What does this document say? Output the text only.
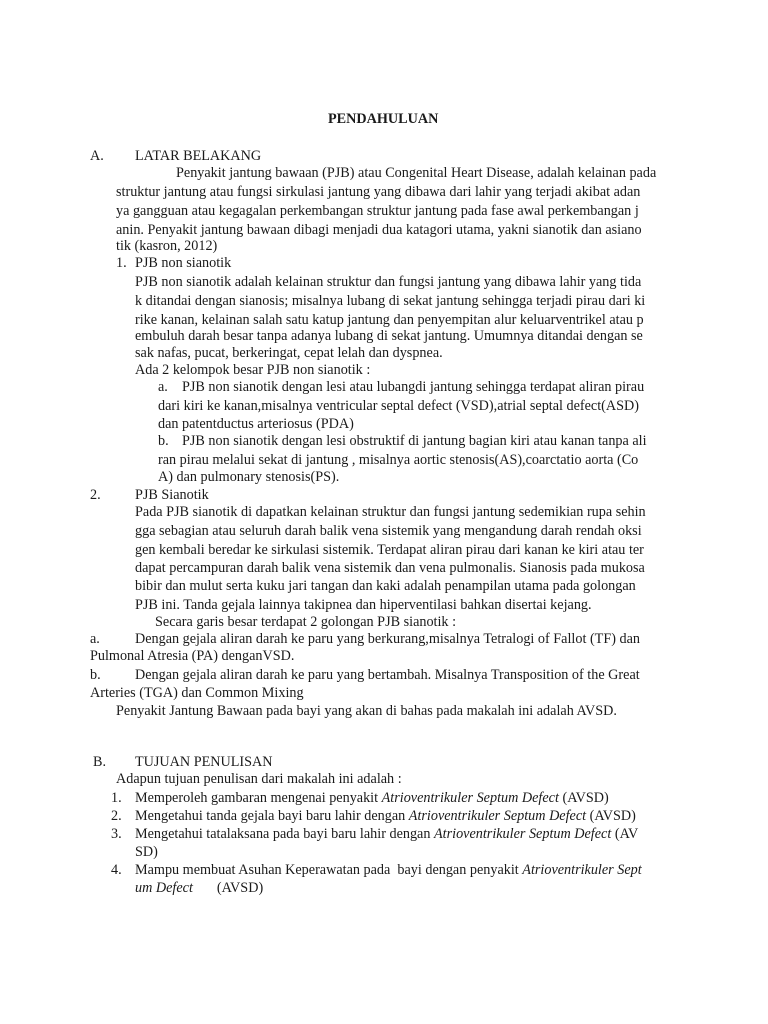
PENDAHULUAN
A. LATAR BELAKANG
Penyakit jantung bawaan (PJB) atau Congenital Heart Disease, adalah kelainan pada
struktur jantung atau fungsi sirkulasi jantung yang dibawa dari lahir yang terjadi akibat adan
ya gangguan atau kegagalan perkembangan struktur jantung pada fase awal perkembangan j
anin. Penyakit jantung bawaan dibagi menjadi dua katagori utama, yakni sianotik dan asiano
tik (kasron, 2012)
1. PJB non sianotik
PJB non sianotik adalah kelainan struktur dan fungsi jantung yang dibawa lahir yang tida
k ditandai dengan sianosis; misalnya lubang di sekat jantung sehingga terjadi pirau dari ki
rike kanan, kelainan salah satu katup jantung dan penyempitan alur keluarventrikel atau p
embuluh darah besar tanpa adanya lubang di sekat jantung. Umumnya ditandai dengan se
sak nafas, pucat, berkeringat, cepat lelah dan dyspnea.
Ada 2 kelompok besar PJB non sianotik :
a. PJB non sianotik dengan lesi atau lubangdi jantung sehingga terdapat aliran pirau
dari kiri ke kanan,misalnya ventricular septal defect (VSD),atrial septal defect(ASD)
dan patentductus arteriosus (PDA)
b. PJB non sianotik dengan lesi obstruktif di jantung bagian kiri atau kanan tanpa ali
ran pirau melalui sekat di jantung , misalnya aortic stenosis(AS),coarctatio aorta (Co
A) dan pulmonary stenosis(PS).
2. PJB Sianotik
Pada PJB sianotik di dapatkan kelainan struktur dan fungsi jantung sedemikian rupa sehin
gga sebagian atau seluruh darah balik vena sistemik yang mengandung darah rendah oksi
gen kembali beredar ke sirkulasi sistemik. Terdapat aliran pirau dari kanan ke kiri atau ter
dapat percampuran darah balik vena sistemik dan vena pulmonalis. Sianosis pada mukosa
bibir dan mulut serta kuku jari tangan dan kaki adalah penampilan utama pada golongan
PJB ini. Tanda gejala lainnya takipnea dan hiperventilasi bahkan disertai kejang.
Secara garis besar terdapat 2 golongan PJB sianotik :
a. Dengan gejala aliran darah ke paru yang berkurang,misalnya Tetralogi of Fallot (TF) dan
Pulmonal Atresia (PA) denganVSD.
b. Dengan gejala aliran darah ke paru yang bertambah. Misalnya Transposition of the Great
Arteries (TGA) dan Common Mixing
Penyakit Jantung Bawaan pada bayi yang akan di bahas pada makalah ini adalah AVSD.
B. TUJUAN PENULISAN
Adapun tujuan penulisan dari makalah ini adalah :
1. Memperoleh gambaran mengenai penyakit Atrioventrikuler Septum Defect (AVSD)
2. Mengetahui tanda gejala bayi baru lahir dengan Atrioventrikuler Septum Defect (AVSD)
3. Mengetahui tatalaksana pada bayi baru lahir dengan Atrioventrikuler Septum Defect (AV
SD)
4. Mampu membuat Asuhan Keperawatan pada  bayi dengan penyakit Atrioventrikuler Sept
um Defect (AVSD)
